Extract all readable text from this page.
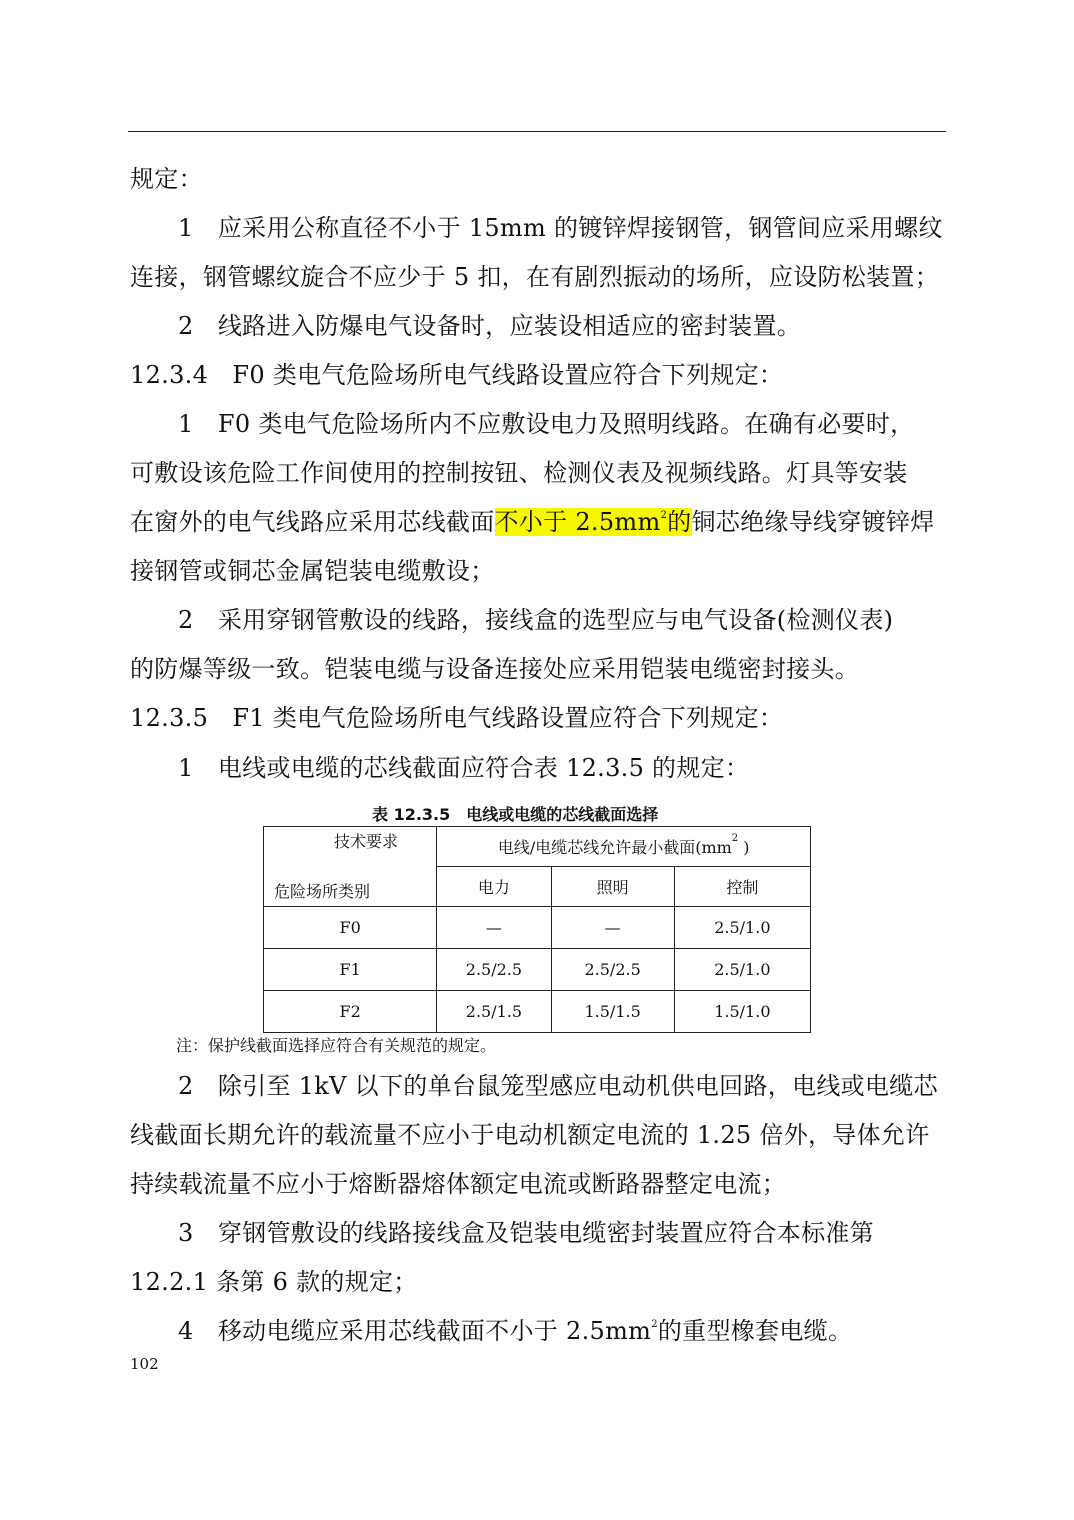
规定：
1　应采用公称直径不小于 15mm 的镀锌焊接钢管，钢管间应采用螺纹
连接，钢管螺纹旋合不应少于 5 扣，在有剧烈振动的场所，应设防松装置；
2　线路进入防爆电气设备时，应装设相适应的密封装置。
12.3.4　F0 类电气危险场所电气线路设置应符合下列规定：
1　F0 类电气危险场所内不应敷设电力及照明线路。在确有必要时，
可敷设该危险工作间使用的控制按钮、检测仪表及视频线路。灯具等安装
在窗外的电气线路应采用芯线截面不小于 $2.5mm^2$的铜芯绝缘导线穿镀锌焊
接钢管或铜芯金属铠装电缆敷设；
2　采用穿钢管敷设的线路，接线盒的选型应与电气设备(检测仪表)
的防爆等级一致。铠装电缆与设备连接处应采用铠装电缆密封接头。
12.3.5　F1 类电气危险场所电气线路设置应符合下列规定：
1　电线或电缆的芯线截面应符合表 12.3.5 的规定：
表 12.3.5　电线或电缆的芯线截面选择
技术要求
危险场所类别	电线/电缆芯线允许最小截面($mm^2$ )		
	电力	照明	控制
F0	—	—	2.5/1.0
F1	2.5/2.5	2.5/2.5	2.5/1.0
F2	2.5/1.5	1.5/1.5	1.5/1.0
注：保护线截面选择应符合有关规范的规定。
2　除引至 1kV 以下的单台鼠笼型感应电动机供电回路，电线或电缆芯
线截面长期允许的载流量不应小于电动机额定电流的 1.25 倍外，导体允许
持续载流量不应小于熔断器熔体额定电流或断路器整定电流；
3　穿钢管敷设的线路接线盒及铠装电缆密封装置应符合本标准第
12.2.1 条第 6 款的规定；
4　移动电缆应采用芯线截面不小于 $2.5mm^2$的重型橡套电缆。
102
